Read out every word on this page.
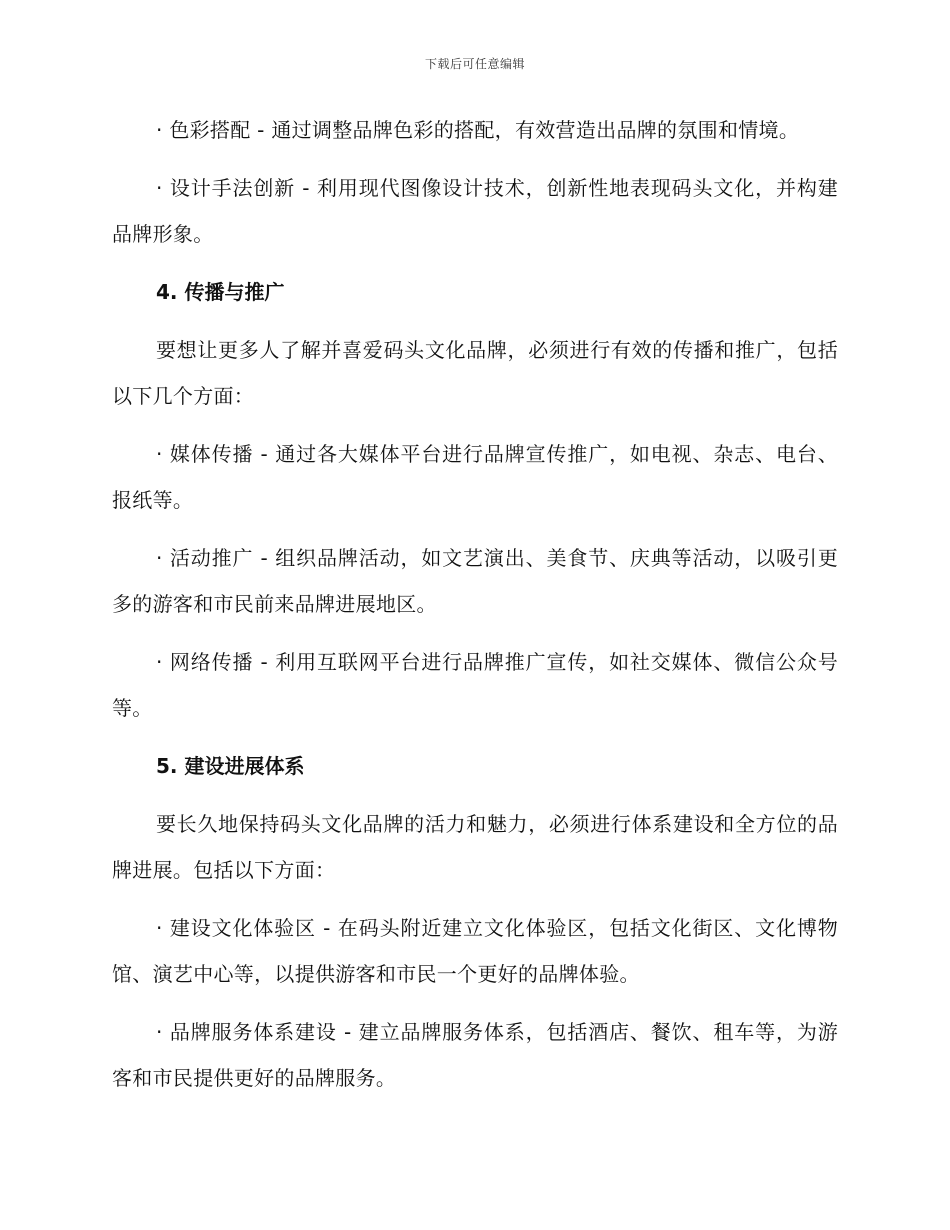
下载后可任意编辑

· 色彩搭配 - 通过调整品牌色彩的搭配，有效营造出品牌的氛围和情境。

· 设计手法创新 - 利用现代图像设计技术，创新性地表现码头文化，并构建品牌形象。

4. 传播与推广

要想让更多人了解并喜爱码头文化品牌，必须进行有效的传播和推广，包括以下几个方面：

· 媒体传播 - 通过各大媒体平台进行品牌宣传推广，如电视、杂志、电台、报纸等。

· 活动推广 - 组织品牌活动，如文艺演出、美食节、庆典等活动，以吸引更多的游客和市民前来品牌进展地区。

· 网络传播 - 利用互联网平台进行品牌推广宣传，如社交媒体、微信公众号等。

5. 建设进展体系

要长久地保持码头文化品牌的活力和魅力，必须进行体系建设和全方位的品牌进展。包括以下方面：

· 建设文化体验区 - 在码头附近建立文化体验区，包括文化街区、文化博物馆、演艺中心等，以提供游客和市民一个更好的品牌体验。

· 品牌服务体系建设 - 建立品牌服务体系，包括酒店、餐饮、租车等，为游客和市民提供更好的品牌服务。
